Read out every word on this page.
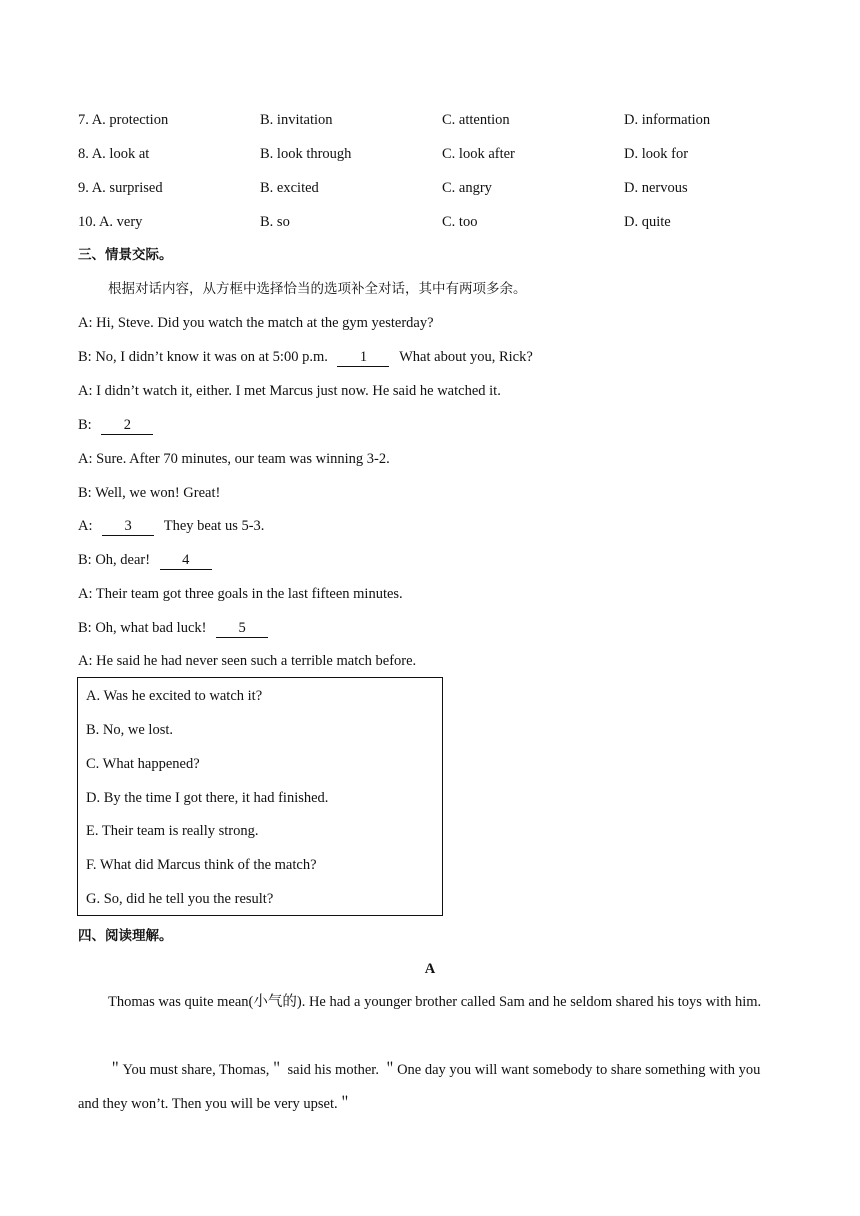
7. A. protection	B. invitation	C. attention	D. information
8. A. look at	B. look through	C. look after	D. look for
9. A. surprised	B. excited	C. angry	D. nervous
10. A. very	B. so	C. too	D. quite
三、情景交际。
根据对话内容，从方框中选择恰当的选项补全对话，其中有两项多余。
A: Hi, Steve. Did you watch the match at the gym yesterday?
B: No, I didn’t know it was on at 5:00 p.m. 1 What about you, Rick?
A: I didn’t watch it, either. I met Marcus just now. He said he watched it.
B: 2
A: Sure. After 70 minutes, our team was winning 3-2.
B: Well, we won! Great!
A: 3 They beat us 5-3.
B: Oh, dear! 4
A: Their team got three goals in the last fifteen minutes.
B: Oh, what bad luck! 5
A: He said he had never seen such a terrible match before.
A. Was he excited to watch it?
B. No, we lost.
C. What happened?
D. By the time I got there, it had finished.
E. Their team is really strong.
F. What did Marcus think of the match?
G. So, did he tell you the result?
四、阅读理解。
A
Thomas was quite mean(小气的). He had a younger brother called Sam and he seldom shared his toys with him.
＂You must share, Thomas,＂ said his mother. ＂One day you will want somebody to share something with you and they won’t. Then you will be very upset.＂
